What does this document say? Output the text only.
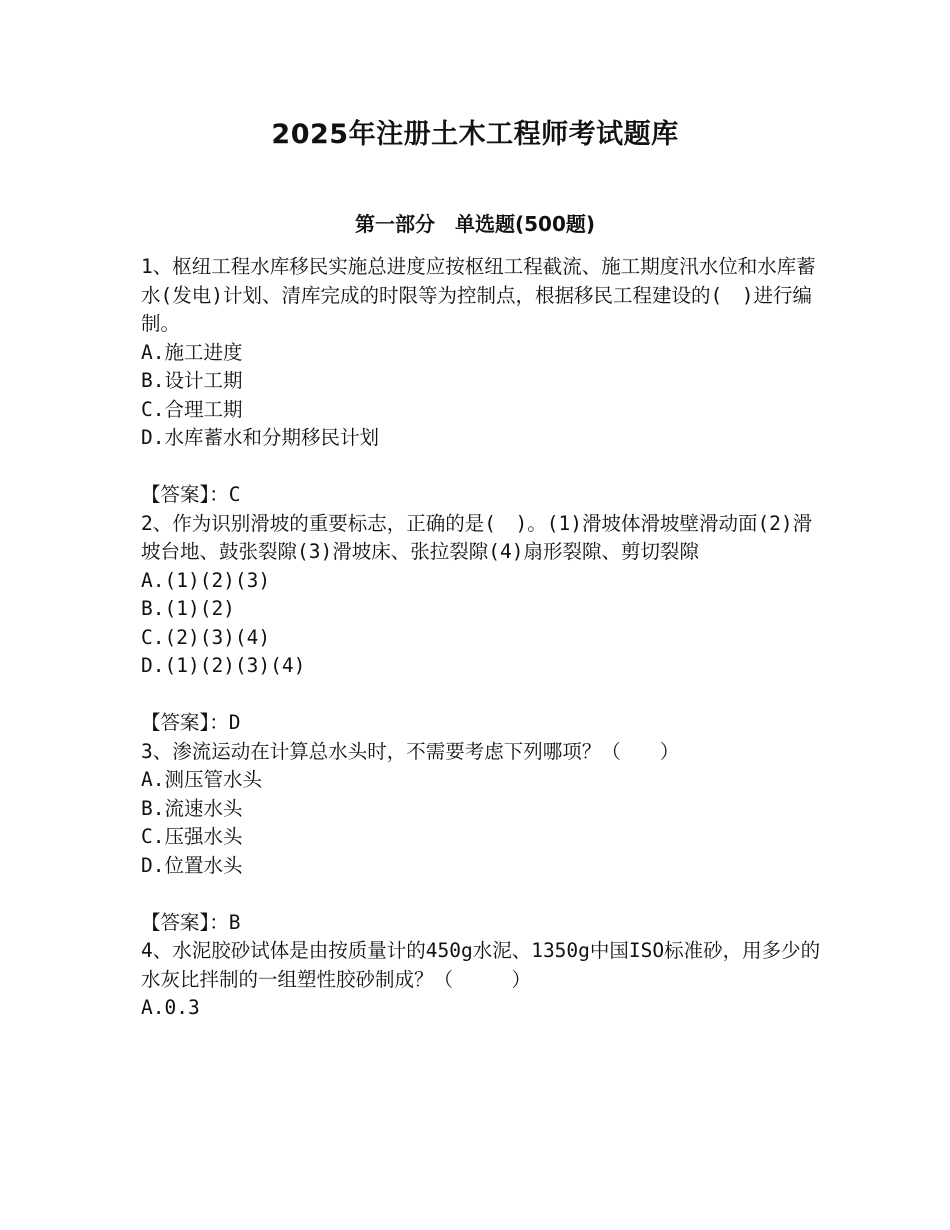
2025年注册土木工程师考试题库
第一部分　单选题(500题)

1、枢纽工程水库移民实施总进度应按枢纽工程截流、施工期度汛水位和水库蓄水(发电)计划、清库完成的时限等为控制点，根据移民工程建设的(　)进行编制。

A.施工进度

B.设计工期

C.合理工期

D.水库蓄水和分期移民计划

【答案】：C

2、作为识别滑坡的重要标志，正确的是(　)。(1)滑坡体滑坡壁滑动面(2)滑坡台地、鼓张裂隙(3)滑坡床、张拉裂隙(4)扇形裂隙、剪切裂隙

A.(1)(2)(3)

B.(1)(2)

C.(2)(3)(4)

D.(1)(2)(3)(4)

【答案】：D

3、渗流运动在计算总水头时，不需要考虑下列哪项？（　　）

A.测压管水头

B.流速水头

C.压强水头

D.位置水头

【答案】：B

4、水泥胶砂试体是由按质量计的450g水泥、1350g中国ISO标准砂，用多少的水灰比拌制的一组塑性胶砂制成？（　　　）

A.0.3
